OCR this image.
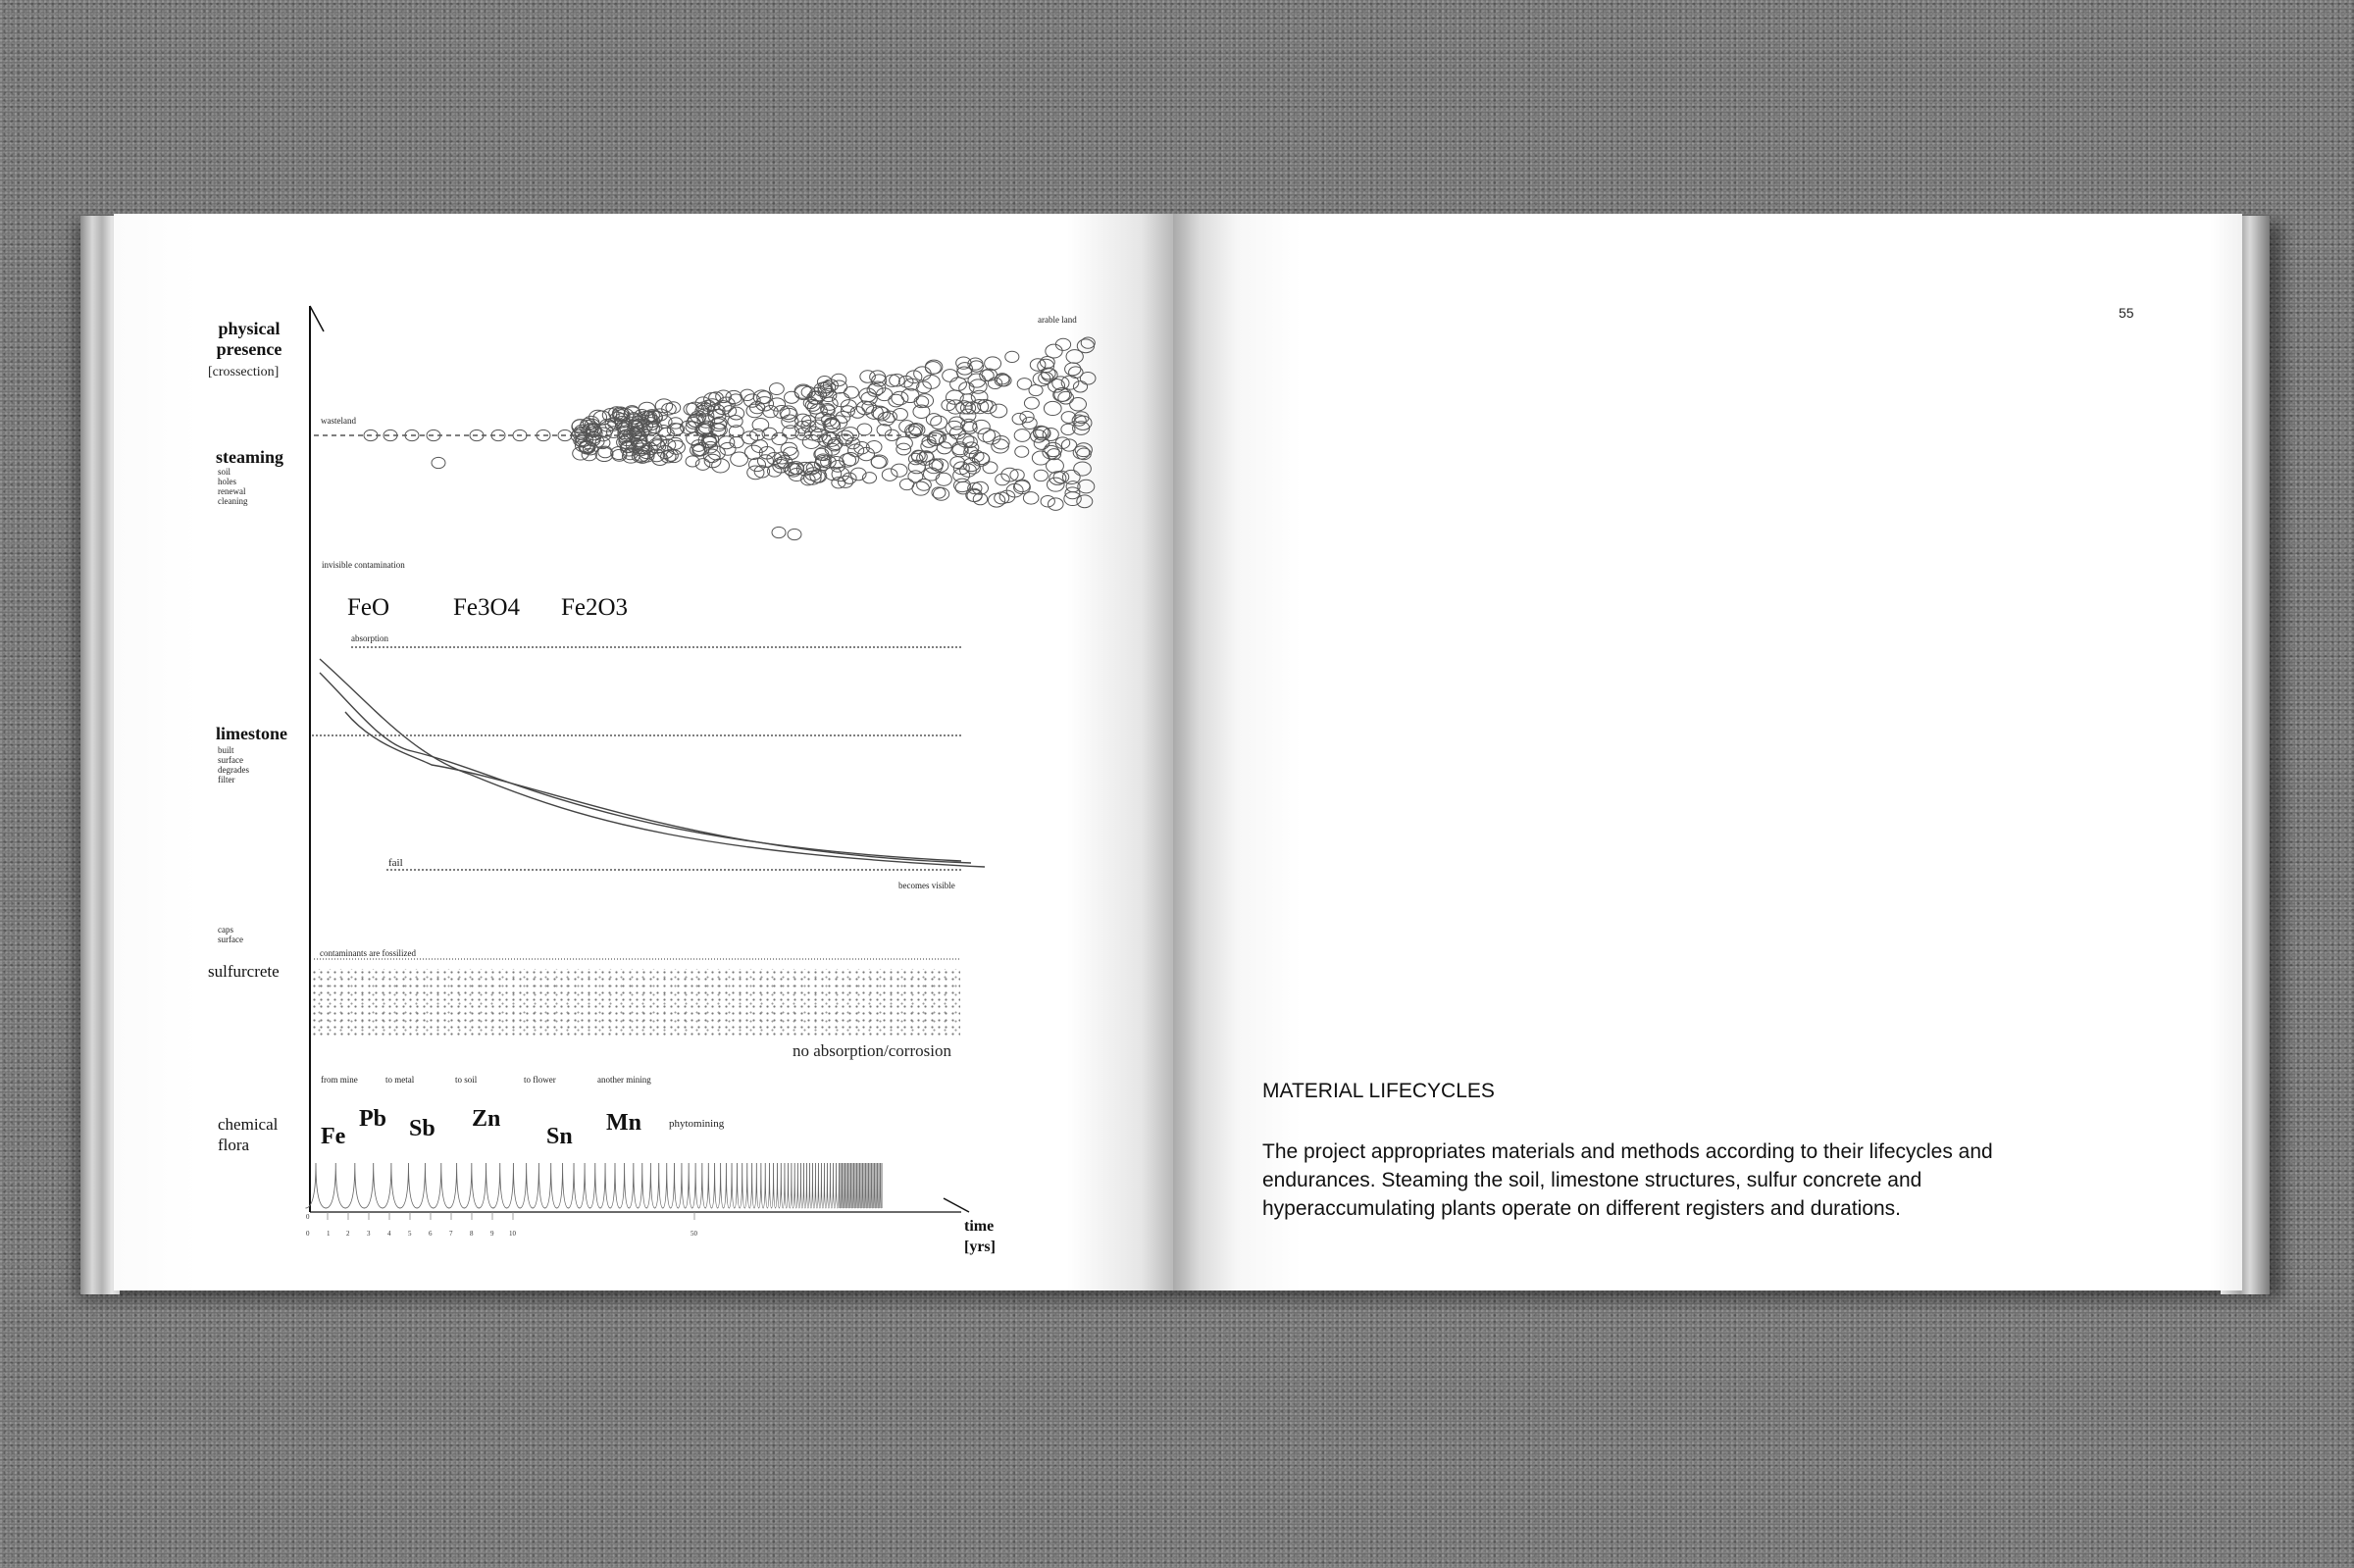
physical presence
[crossection]
steaming
soil
holes
renewal
cleaning
limestone
built
surface
degrades
filter
caps
surface
sulfurcrete
chemical flora
arable land
wasteland
invisible contamination
FeO	Fe3O4 Fe2O3
absorption
fail
becomes visible
contaminants are fossilized
no absorption/corrosion
from mine	to metal	to soil	to flower	another mining
phytomining
Fe
Pb Sb Zn
Sn
Mn
0
0	1 2	3	4	5	6	7	8	9 10	50	time
[yrs]
55
MATERIAL LIFECYCLES
The project appropriates materials and methods according to their lifecycles and endurances. Steaming the soil, limestone structures, sulfur concrete and hyperaccumulating plants operate on different registers and durations.
